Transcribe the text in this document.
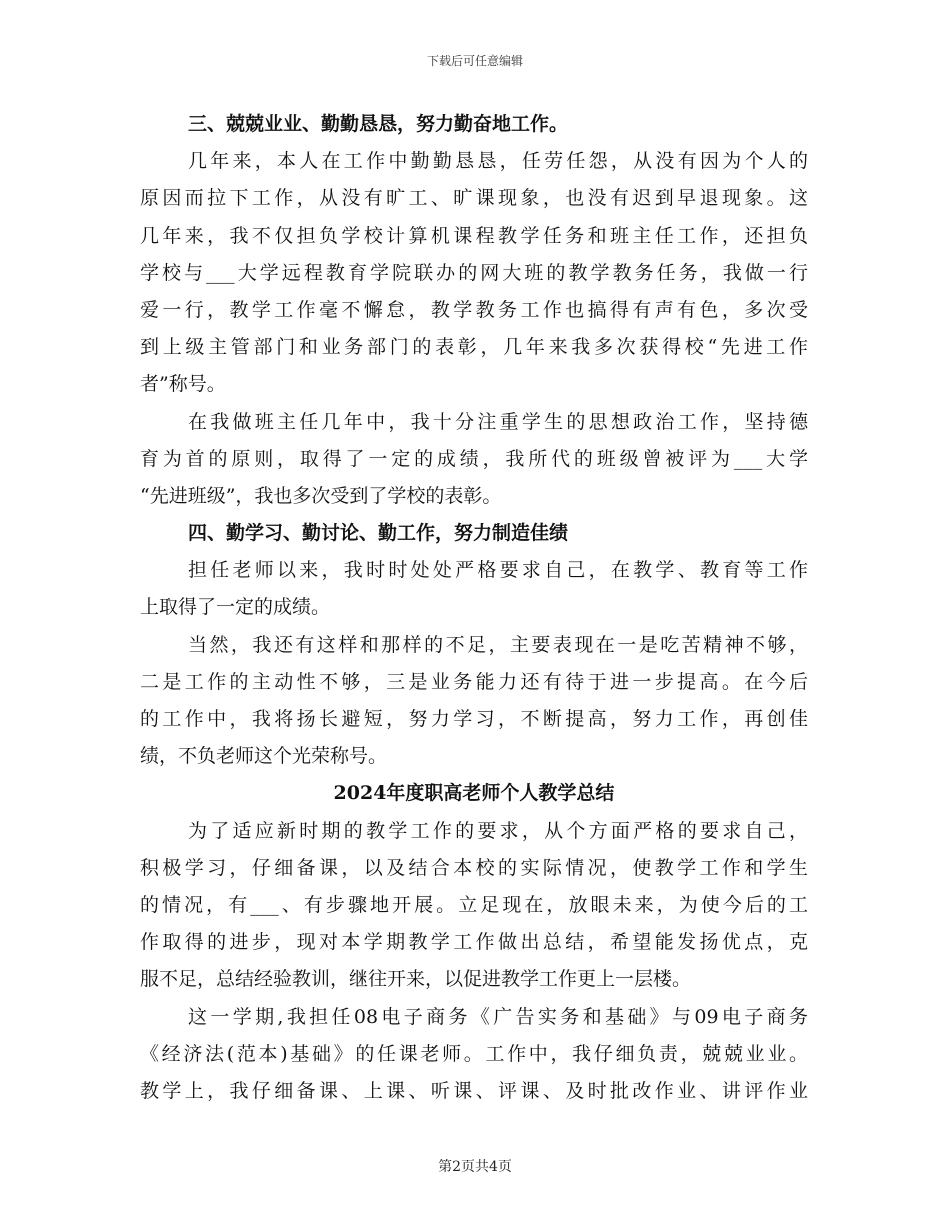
下载后可任意编辑
三、兢兢业业、勤勤恳恳，努力勤奋地工作。
几年来，本人在工作中勤勤恳恳，任劳任怨，从没有因为个人的
原因而拉下工作，从没有旷工、旷课现象，也没有迟到早退现象。这
几年来，我不仅担负学校计算机课程教学任务和班主任工作，还担负
学校与___大学远程教育学院联办的网大班的教学教务任务，我做一行
爱一行，教学工作毫不懈怠，教学教务工作也搞得有声有色，多次受
到上级主管部门和业务部门的表彰，几年来我多次获得校“先进工作
者”称号。
在我做班主任几年中，我十分注重学生的思想政治工作，坚持德
育为首的原则，取得了一定的成绩，我所代的班级曾被评为___大学
“先进班级”，我也多次受到了学校的表彰。
四、勤学习、勤讨论、勤工作，努力制造佳绩
担任老师以来，我时时处处严格要求自己，在教学、教育等工作
上取得了一定的成绩。
当然，我还有这样和那样的不足，主要表现在一是吃苦精神不够，
二是工作的主动性不够，三是业务能力还有待于进一步提高。在今后
的工作中，我将扬长避短，努力学习，不断提高，努力工作，再创佳
绩，不负老师这个光荣称号。
2024年度职高老师个人教学总结
为了适应新时期的教学工作的要求，从个方面严格的要求自己，
积极学习，仔细备课，以及结合本校的实际情况，使教学工作和学生
的情况，有___、有步骤地开展。立足现在，放眼未来，为使今后的工
作取得的进步，现对本学期教学工作做出总结，希望能发扬优点，克
服不足，总结经验教训，继往开来，以促进教学工作更上一层楼。
这一学期,我担任08电子商务《广告实务和基础》与09电子商务
《经济法(范本)基础》的任课老师。工作中，我仔细负责，兢兢业业。
教学上，我仔细备课、上课、听课、评课、及时批改作业、讲评作业
第2页共4页
